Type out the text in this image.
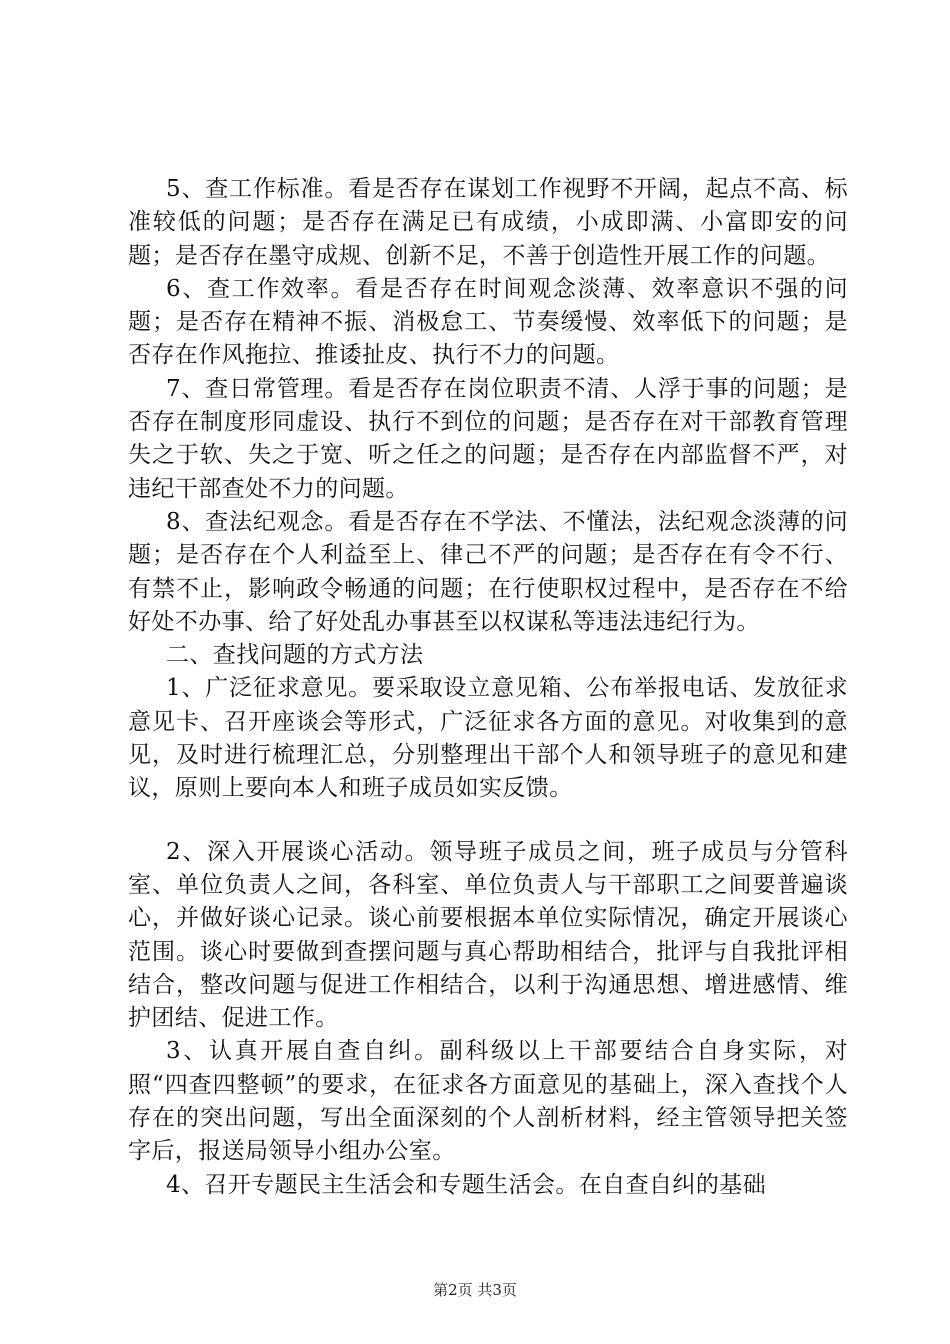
5、查工作标准。看是否存在谋划工作视野不开阔，起点不高、标准较低的问题；是否存在满足已有成绩，小成即满、小富即安的问题；是否存在墨守成规、创新不足，不善于创造性开展工作的问题。

6、查工作效率。看是否存在时间观念淡薄、效率意识不强的问题；是否存在精神不振、消极怠工、节奏缓慢、效率低下的问题；是否存在作风拖拉、推诿扯皮、执行不力的问题。

7、查日常管理。看是否存在岗位职责不清、人浮于事的问题；是否存在制度形同虚设、执行不到位的问题；是否存在对干部教育管理失之于软、失之于宽、听之任之的问题；是否存在内部监督不严，对违纪干部查处不力的问题。

8、查法纪观念。看是否存在不学法、不懂法，法纪观念淡薄的问题；是否存在个人利益至上、律己不严的问题；是否存在有令不行、有禁不止，影响政令畅通的问题；在行使职权过程中，是否存在不给好处不办事、给了好处乱办事甚至以权谋私等违法违纪行为。

二、查找问题的方式方法

1、广泛征求意见。要采取设立意见箱、公布举报电话、发放征求意见卡、召开座谈会等形式，广泛征求各方面的意见。对收集到的意见，及时进行梳理汇总，分别整理出干部个人和领导班子的意见和建议，原则上要向本人和班子成员如实反馈。

2、深入开展谈心活动。领导班子成员之间，班子成员与分管科室、单位负责人之间，各科室、单位负责人与干部职工之间要普遍谈心，并做好谈心记录。谈心前要根据本单位实际情况，确定开展谈心范围。谈心时要做到查摆问题与真心帮助相结合，批评与自我批评相结合，整改问题与促进工作相结合，以利于沟通思想、增进感情、维护团结、促进工作。

3、认真开展自查自纠。副科级以上干部要结合自身实际，对照“四查四整顿”的要求，在征求各方面意见的基础上，深入查找个人存在的突出问题，写出全面深刻的个人剖析材料，经主管领导把关签字后，报送局领导小组办公室。

4、召开专题民主生活会和专题生活会。在自查自纠的基础

第2页 共3页
